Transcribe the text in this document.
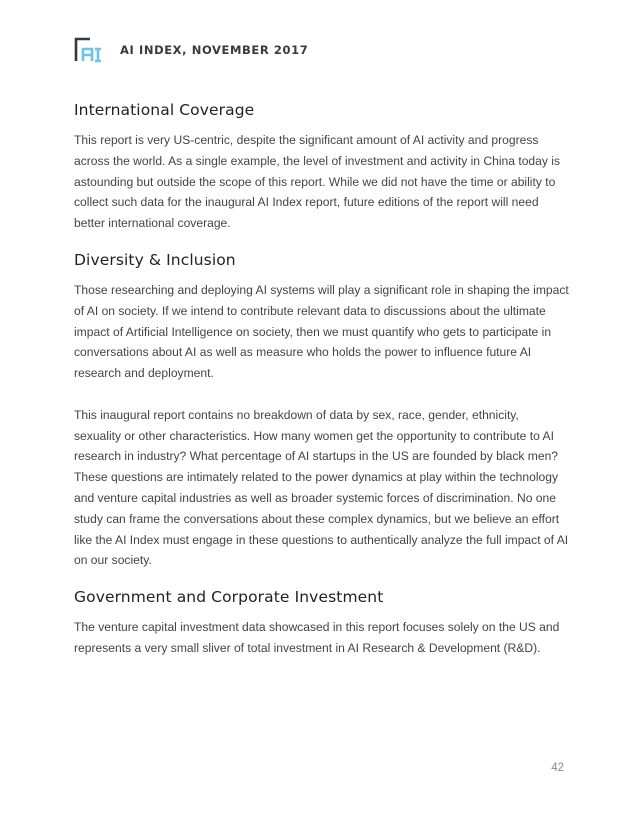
AI INDEX, NOVEMBER 2017
International Coverage

This report is very US-centric, despite the significant amount of AI activity and progress across the world. As a single example, the level of investment and activity in China today is astounding but outside the scope of this report. While we did not have the time or ability to collect such data for the inaugural AI Index report, future editions of the report will need better international coverage.

Diversity & Inclusion

Those researching and deploying AI systems will play a significant role in shaping the impact of AI on society. If we intend to contribute relevant data to discussions about the ultimate impact of Artificial Intelligence on society, then we must quantify who gets to participate in conversations about AI as well as measure who holds the power to influence future AI research and deployment.

This inaugural report contains no breakdown of data by sex, race, gender, ethnicity, sexuality or other characteristics. How many women get the opportunity to contribute to AI research in industry? What percentage of AI startups in the US are founded by black men? These questions are intimately related to the power dynamics at play within the technology and venture capital industries as well as broader systemic forces of discrimination. No one study can frame the conversations about these complex dynamics, but we believe an effort like the AI Index must engage in these questions to authentically analyze the full impact of AI on our society.

Government and Corporate Investment

The venture capital investment data showcased in this report focuses solely on the US and represents a very small sliver of total investment in AI Research & Development (R&D).

42
